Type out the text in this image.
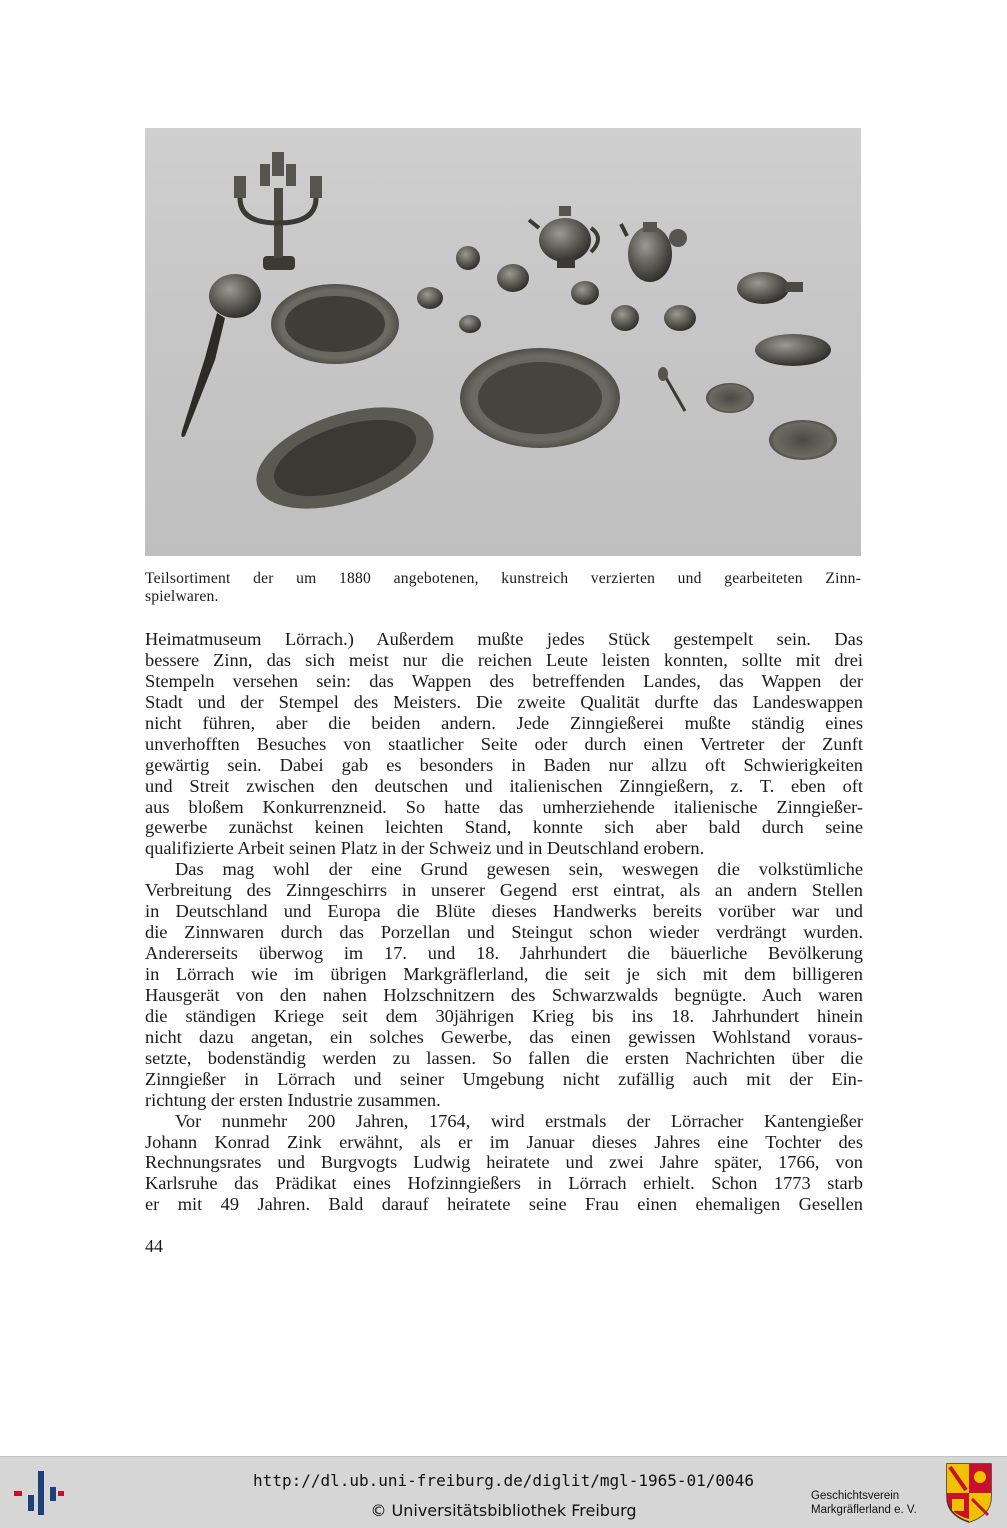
Teilsortiment der um 1880 angebotenen, kunstreich verzierten und gearbeiteten Zinn-
spielwaren.
Heimatmuseum Lörrach.) Außerdem mußte jedes Stück gestempelt sein. Das
bessere Zinn, das sich meist nur die reichen Leute leisten konnten, sollte mit drei
Stempeln versehen sein: das Wappen des betreffenden Landes, das Wappen der
Stadt und der Stempel des Meisters. Die zweite Qualität durfte das Landeswappen
nicht führen, aber die beiden andern. Jede Zinngießerei mußte ständig eines
unverhofften Besuches von staatlicher Seite oder durch einen Vertreter der Zunft
gewärtig sein. Dabei gab es besonders in Baden nur allzu oft Schwierigkeiten
und Streit zwischen den deutschen und italienischen Zinngießern, z. T. eben oft
aus bloßem Konkurrenzneid. So hatte das umherziehende italienische Zinngießer-
gewerbe zunächst keinen leichten Stand, konnte sich aber bald durch seine
qualifizierte Arbeit seinen Platz in der Schweiz und in Deutschland erobern.
Das mag wohl der eine Grund gewesen sein, weswegen die volkstümliche
Verbreitung des Zinngeschirrs in unserer Gegend erst eintrat, als an andern Stellen
in Deutschland und Europa die Blüte dieses Handwerks bereits vorüber war und
die Zinnwaren durch das Porzellan und Steingut schon wieder verdrängt wurden.
Andererseits überwog im 17. und 18. Jahrhundert die bäuerliche Bevölkerung
in Lörrach wie im übrigen Markgräflerland, die seit je sich mit dem billigeren
Hausgerät von den nahen Holzschnitzern des Schwarzwalds begnügte. Auch waren
die ständigen Kriege seit dem 30jährigen Krieg bis ins 18. Jahrhundert hinein
nicht dazu angetan, ein solches Gewerbe, das einen gewissen Wohlstand voraus-
setzte, bodenständig werden zu lassen. So fallen die ersten Nachrichten über die
Zinngießer in Lörrach und seiner Umgebung nicht zufällig auch mit der Ein-
richtung der ersten Industrie zusammen.
Vor nunmehr 200 Jahren, 1764, wird erstmals der Lörracher Kantengießer
Johann Konrad Zink erwähnt, als er im Januar dieses Jahres eine Tochter des
Rechnungsrates und Burgvogts Ludwig heiratete und zwei Jahre später, 1766, von
Karlsruhe das Prädikat eines Hofzinngießers in Lörrach erhielt. Schon 1773 starb
er mit 49 Jahren. Bald darauf heiratete seine Frau einen ehemaligen Gesellen
44
http://dl.ub.uni-freiburg.de/diglit/mgl-1965-01/0046
© Universitätsbibliothek Freiburg
Geschichtsverein
Markgräflerland e. V.
